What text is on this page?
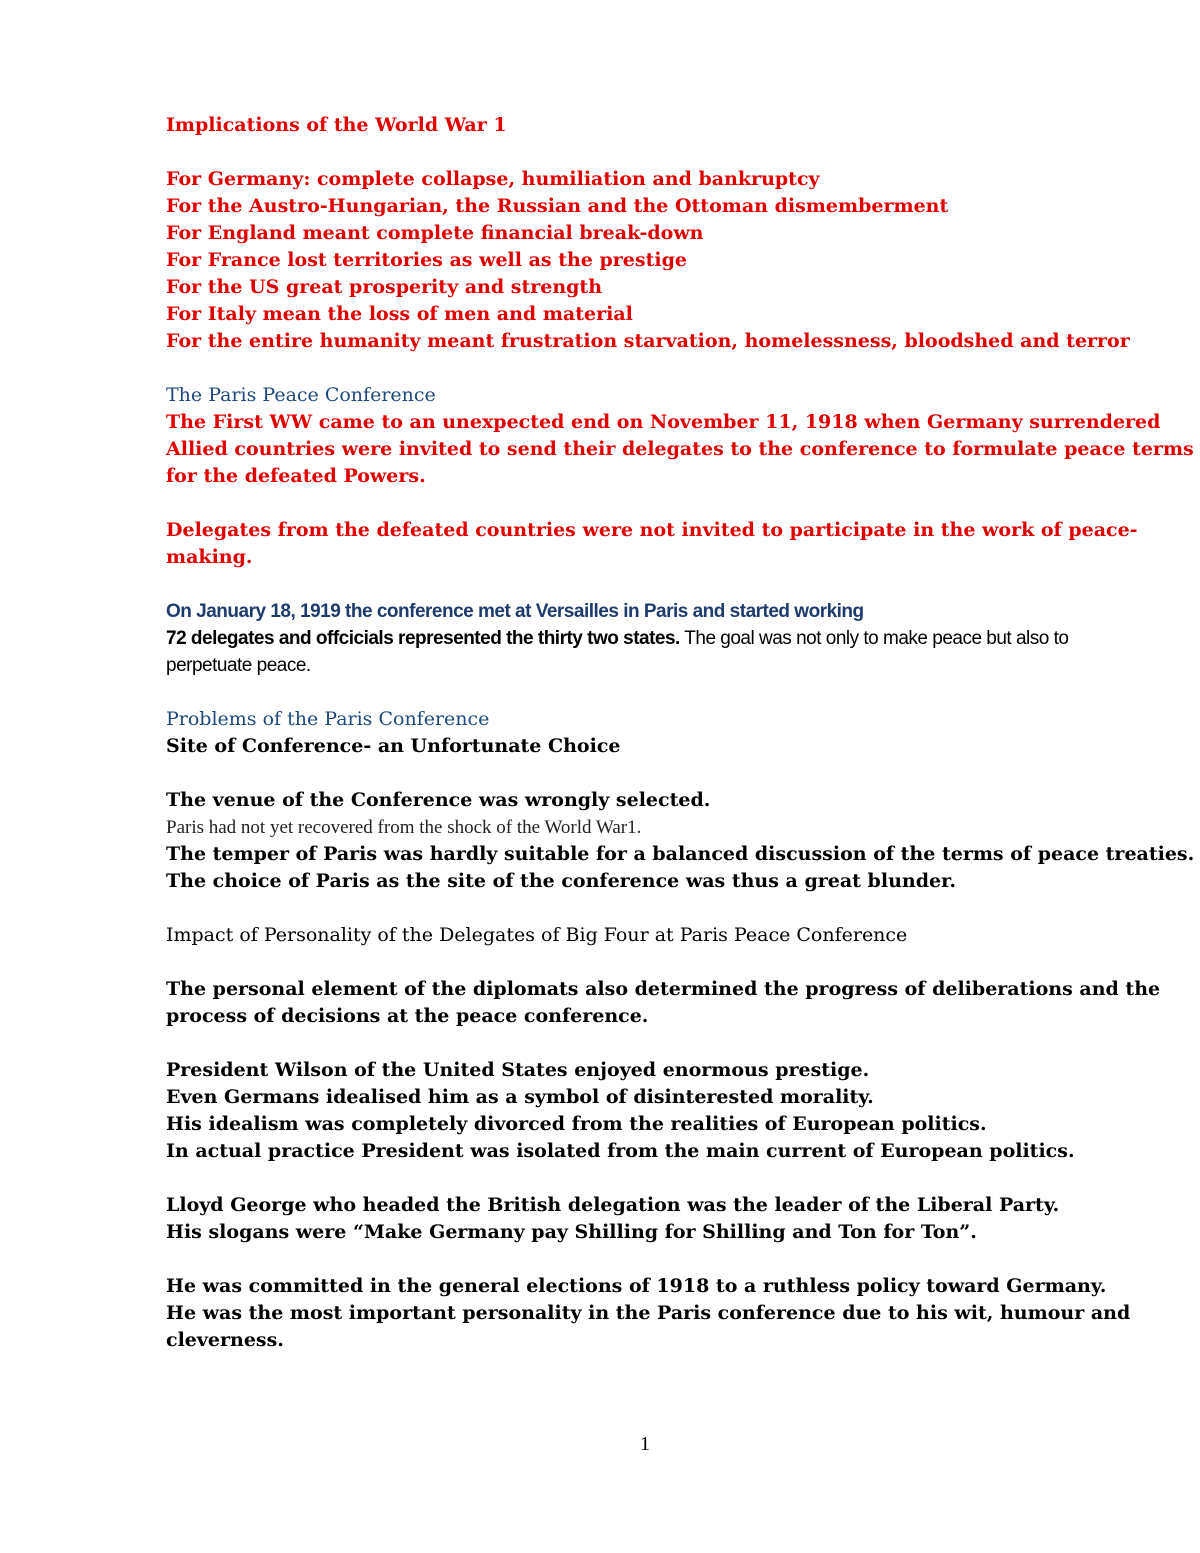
Implications of the World War 1
For Germany: complete collapse, humiliation and bankruptcy
For the Austro-Hungarian, the Russian and the Ottoman dismemberment
For England meant complete financial break-down
For France lost territories as well as the prestige
For the US great prosperity and strength
For Italy mean the loss of men and material
For the entire humanity meant frustration starvation, homelessness, bloodshed and terror
The Paris Peace Conference
The First WW came to an unexpected end on November 11, 1918 when Germany surrendered
Allied countries were invited to send their delegates to the conference to formulate peace terms
for the defeated Powers.
Delegates from the defeated countries were not invited to participate in the work of peace-
making.
On January 18, 1919 the conference met at Versailles in Paris and started working
72 delegates and offcicials represented the thirty two states. The goal was not only to make peace but also to
perpetuate peace.
Problems of the Paris Conference
Site of Conference- an Unfortunate Choice
The venue of the Conference was wrongly selected.
Paris had not yet recovered from the shock of the World War1.
The temper of Paris was hardly suitable for a balanced discussion of the terms of peace treaties.
The choice of Paris as the site of the conference was thus a great blunder.
Impact of Personality of the Delegates of Big Four at Paris Peace Conference
The personal element of the diplomats also determined the progress of deliberations and the
process of decisions at the peace conference.
President Wilson of the United States enjoyed enormous prestige.
Even Germans idealised him as a symbol of disinterested morality.
His idealism was completely divorced from the realities of European politics.
In actual practice President was isolated from the main current of European politics.
Lloyd George who headed the British delegation was the leader of the Liberal Party.
His slogans were “Make Germany pay Shilling for Shilling and Ton for Ton”.
He was committed in the general elections of 1918 to a ruthless policy toward Germany.
He was the most important personality in the Paris conference due to his wit, humour and
cleverness.
1
